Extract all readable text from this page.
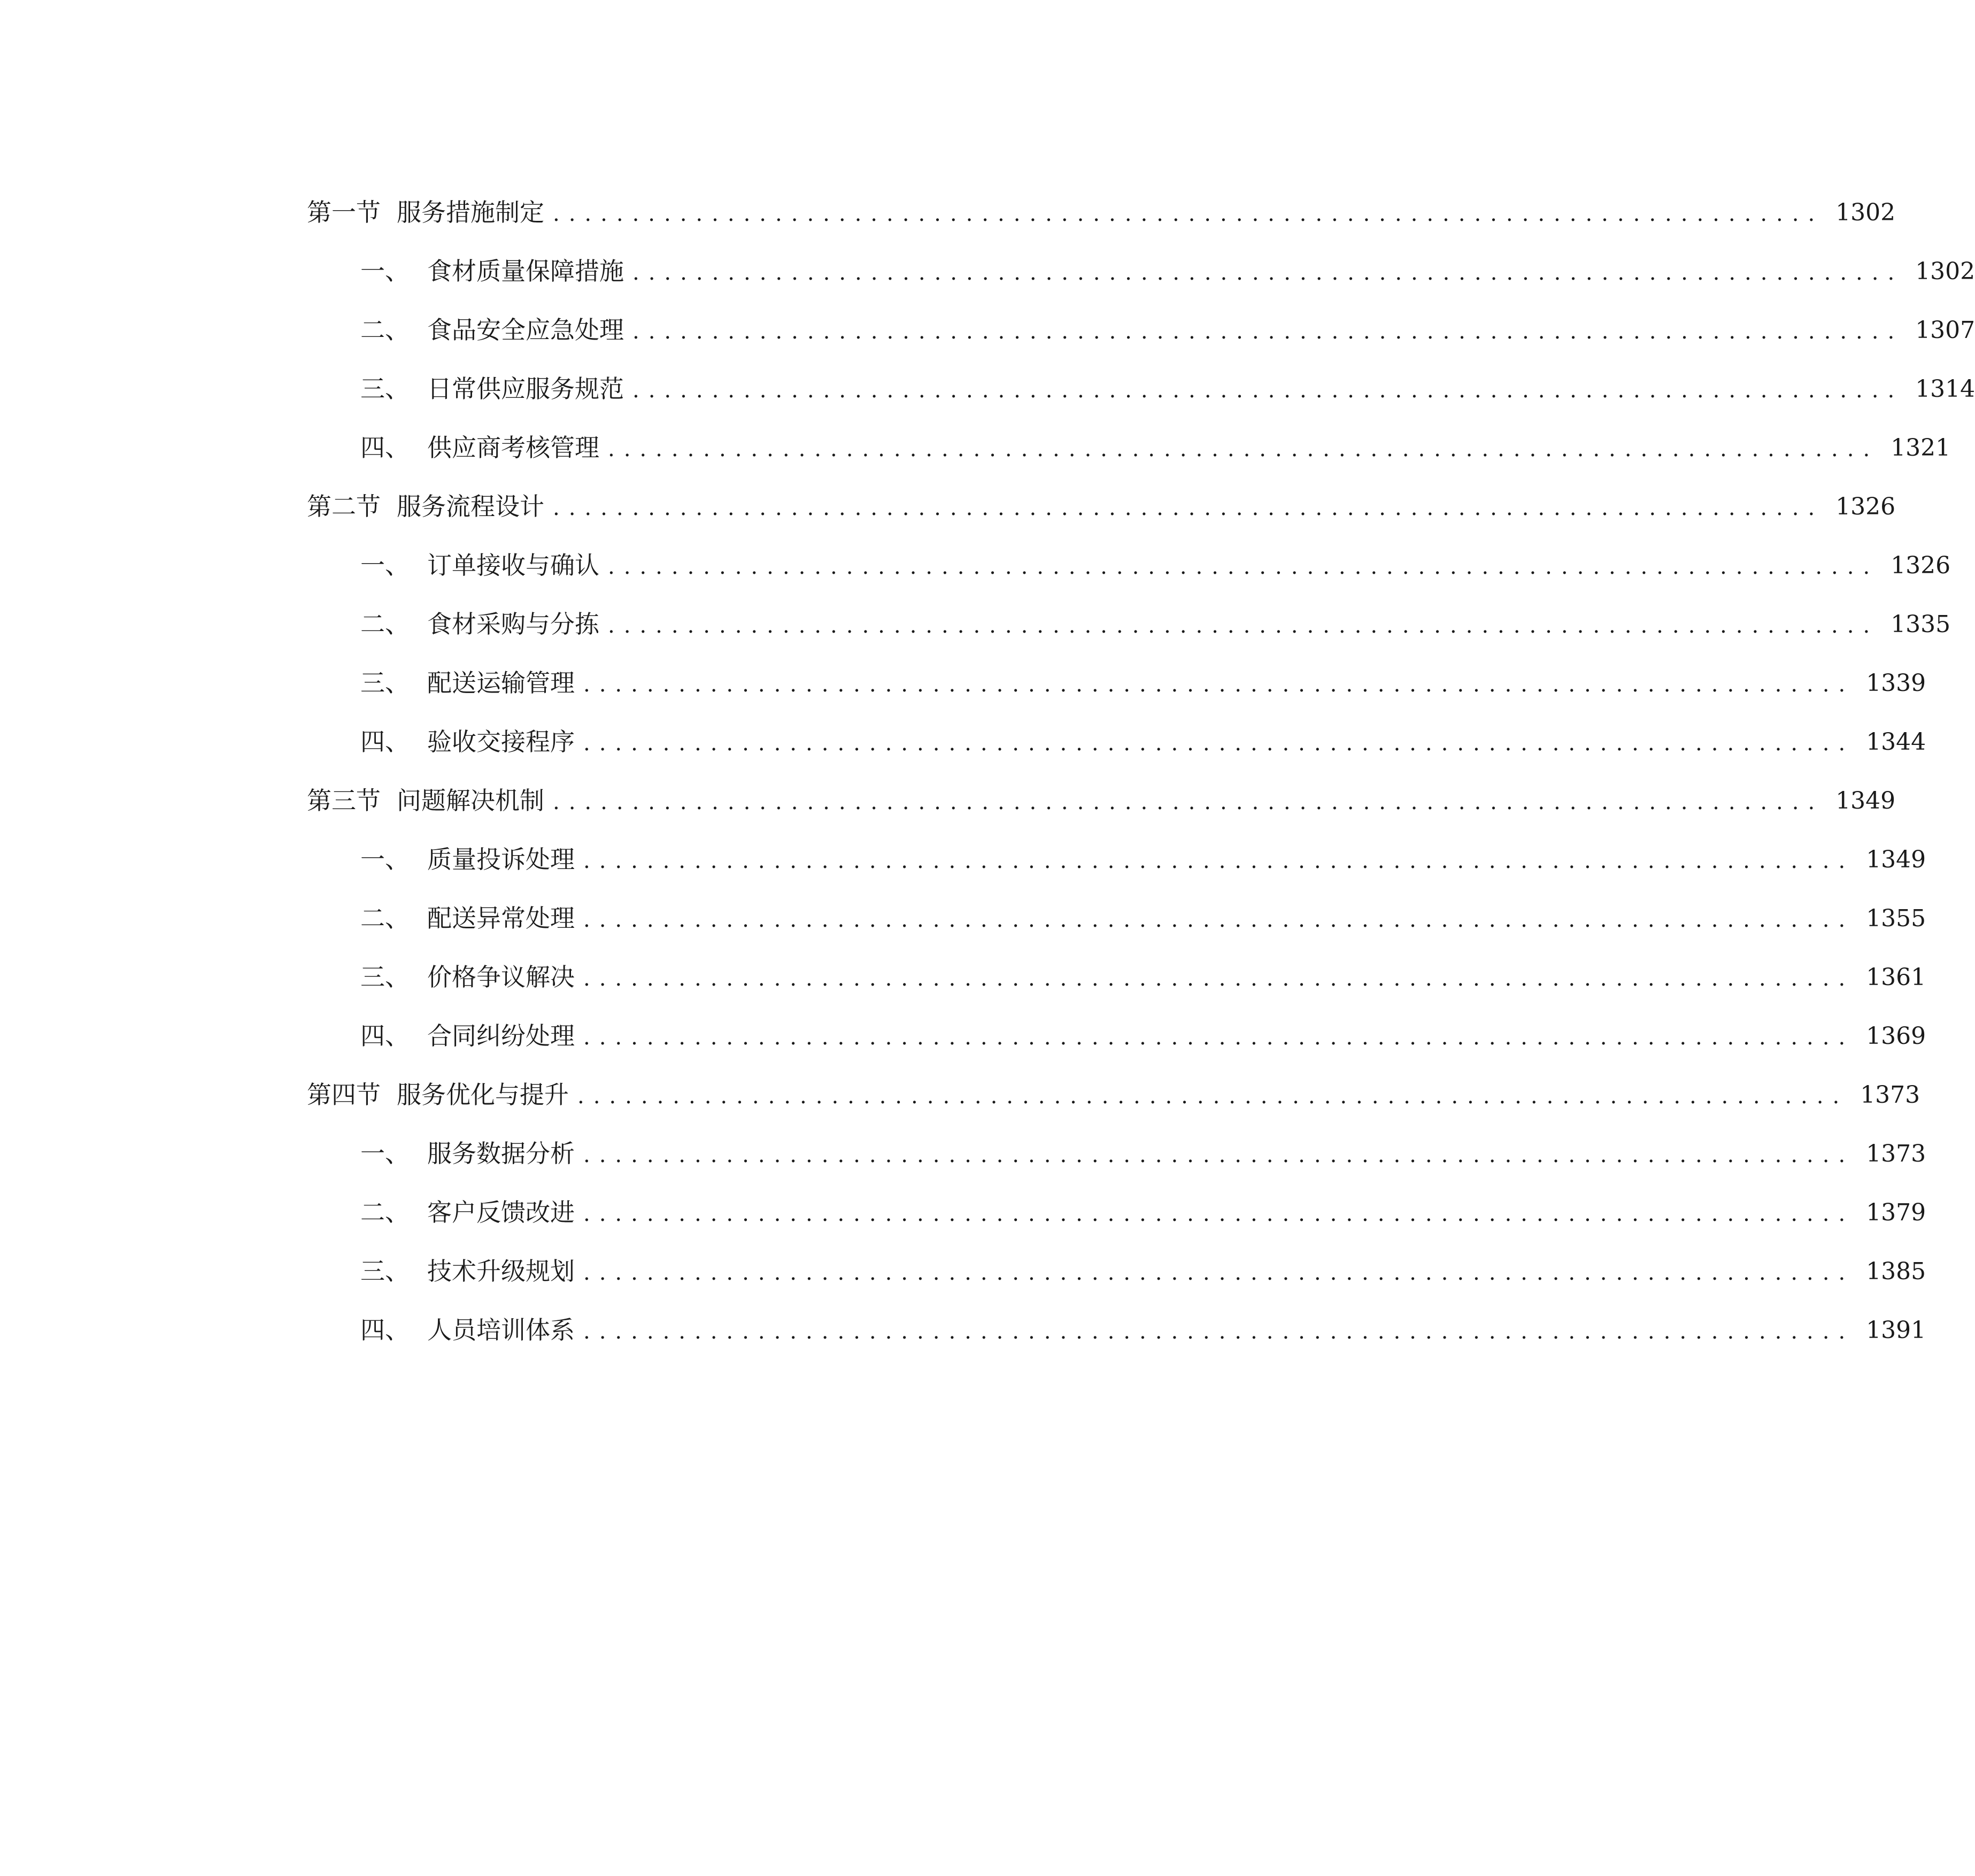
第一节 服务措施制定 ................................................................................ 1302
一、 食材质量保障措施 ................................................................................ 1302
二、 食品安全应急处理 ................................................................................ 1307
三、 日常供应服务规范 ................................................................................ 1314
四、 供应商考核管理 ................................................................................ 1321
第二节 服务流程设计 ................................................................................ 1326
一、 订单接收与确认 ................................................................................ 1326
二、 食材采购与分拣 ................................................................................ 1335
三、 配送运输管理 ................................................................................ 1339
四、 验收交接程序 ................................................................................ 1344
第三节 问题解决机制 ................................................................................ 1349
一、 质量投诉处理 ................................................................................ 1349
二、 配送异常处理 ................................................................................ 1355
三、 价格争议解决 ................................................................................ 1361
四、 合同纠纷处理 ................................................................................ 1369
第四节 服务优化与提升 ................................................................................ 1373
一、 服务数据分析 ................................................................................ 1373
二、 客户反馈改进 ................................................................................ 1379
三、 技术升级规划 ................................................................................ 1385
四、 人员培训体系 ................................................................................ 1391
